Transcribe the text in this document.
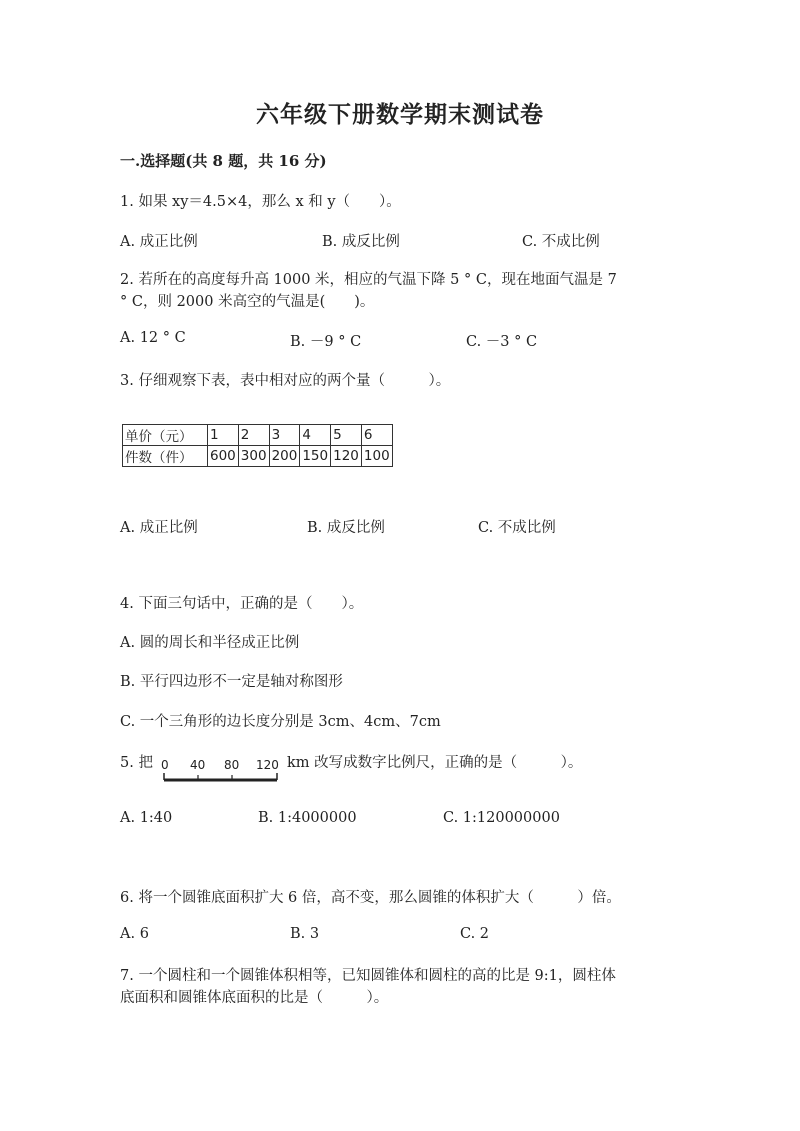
六年级下册数学期末测试卷
一.选择题(共 8 题，共 16 分)
1. 如果 xy＝4.5×4，那么 x 和 y（　　）。
A. 成正比例	B. 成反比例	C. 不成比例
2. 若所在的高度每升高 1000 米，相应的气温下降 5 ° C，现在地面气温是 7
° C，则 2000 米高空的气温是(　　)。
A. 12 ° C	B. －9 ° C	C. －3 ° C
3. 仔细观察下表，表中相对应的两个量（　　　）。
单价（元）	1	2	3	4	5	6
件数（件）	600	300	200	150	120	100
A. 成正比例	B. 成反比例	C. 不成比例
4. 下面三句话中，正确的是（　　）。
A. 圆的周长和半径成正比例
B. 平行四边形不一定是轴对称图形
C. 一个三角形的边长度分别是 3cm、4cm、7cm
5. 把 0 40 80 120 km 改写成数字比例尺，正确的是（　　　）。
A. 1:40	B. 1:4000000	C. 1:120000000
6. 将一个圆锥底面积扩大 6 倍，高不变，那么圆锥的体积扩大（　　　）倍。
A. 6	B. 3	C. 2
7. 一个圆柱和一个圆锥体积相等，已知圆锥体和圆柱的高的比是 9:1，圆柱体
底面积和圆锥体底面积的比是（　　　）。
